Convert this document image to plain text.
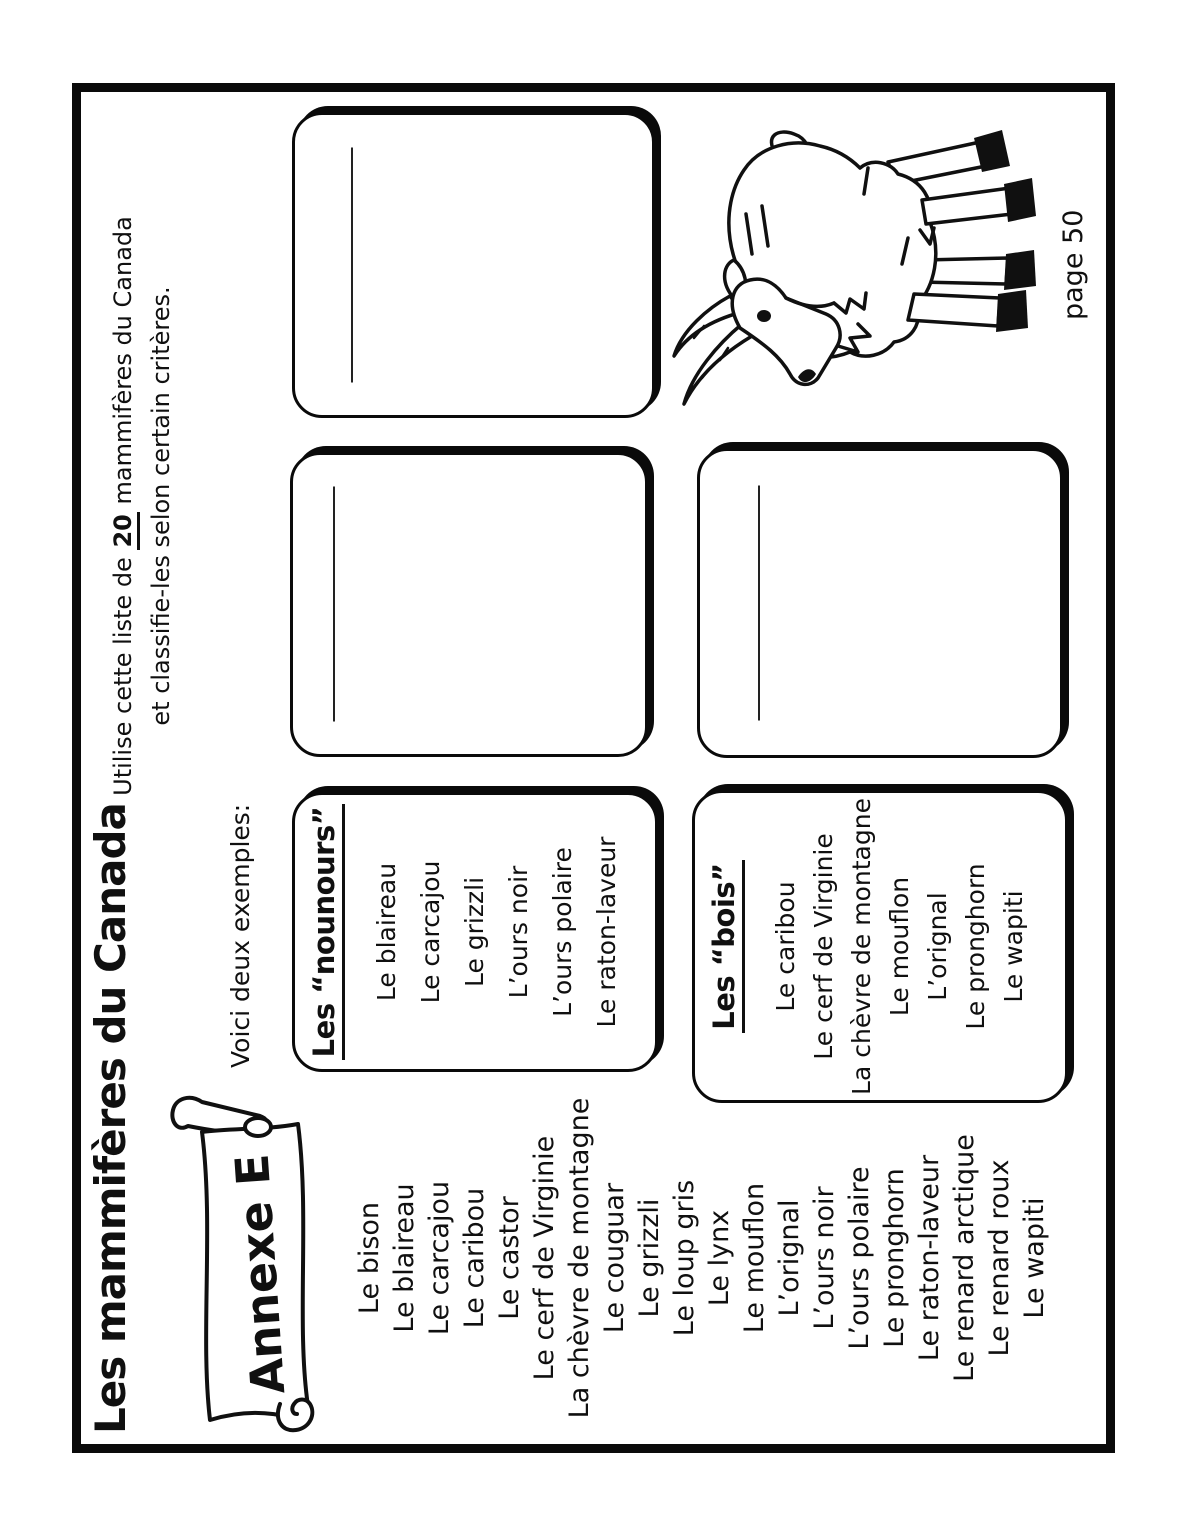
Les mammifères du Canada
Utilise cette liste de 20 mammifères du Canada et classifie-les selon certain critères.
Annexe E Le bison Le blaireau Le carcajou Le caribou Le castor Le cerf de Virginie La chèvre de montagne Le couguar Le grizzli Le loup gris Le lynx Le mouflon L’orignal L’ours noir L’ours polaire Le pronghorn Le raton-laveur Le renard arctique Le renard roux Le wapiti
Voici deux exemples: Les “nounours” Le blaireau Le carcajou Le grizzli L’ours noir L’ours polaire Le raton-laveur	Les “bois” Le caribou Le cerf de Virginie La chèvre de montagne Le mouflon L’orignal Le pronghorn Le wapiti
page 50
